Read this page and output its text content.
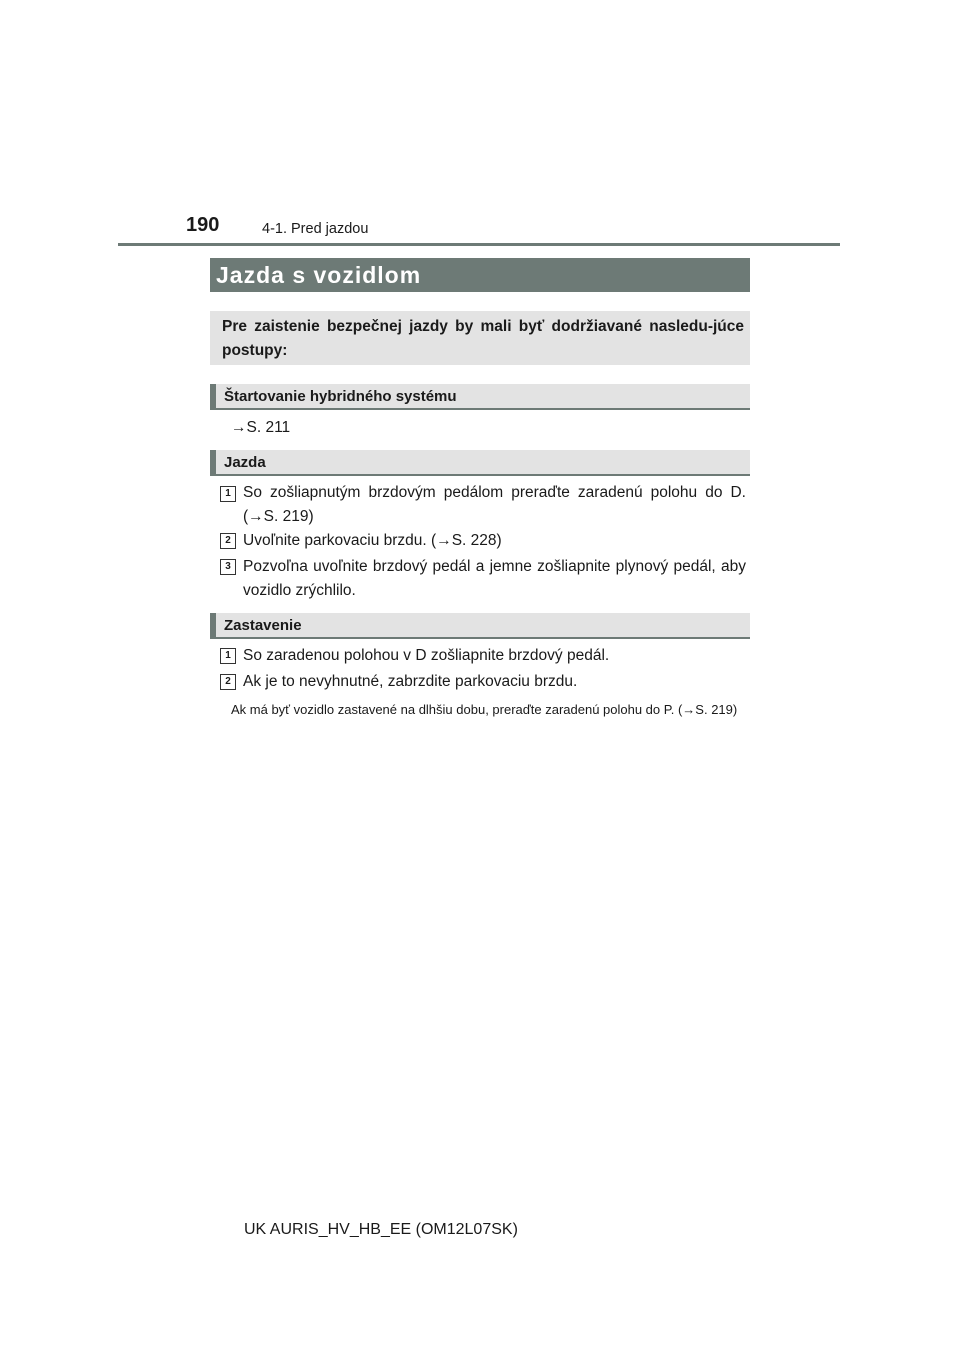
190	4-1. Pred jazdou
Jazda s vozidlom
Pre zaistenie bezpečnej jazdy by mali byť dodržiavané nasledu-júce postupy:
Štartovanie hybridného systému
→S. 211
Jazda
1 So zošliapnutým brzdovým pedálom preraďte zaradenú polohu do D. (→S. 219)
2 Uvoľnite parkovaciu brzdu. (→S. 228)
3 Pozvoľna uvoľnite brzdový pedál a jemne zošliapnite plynový pedál, aby vozidlo zrýchlilo.
Zastavenie
1 So zaradenou polohou v D zošliapnite brzdový pedál.
2 Ak je to nevyhnutné, zabrzdite parkovaciu brzdu.
Ak má byť vozidlo zastavené na dlhšiu dobu, preraďte zaradenú polohu do P. (→S. 219)
UK AURIS_HV_HB_EE (OM12L07SK)
